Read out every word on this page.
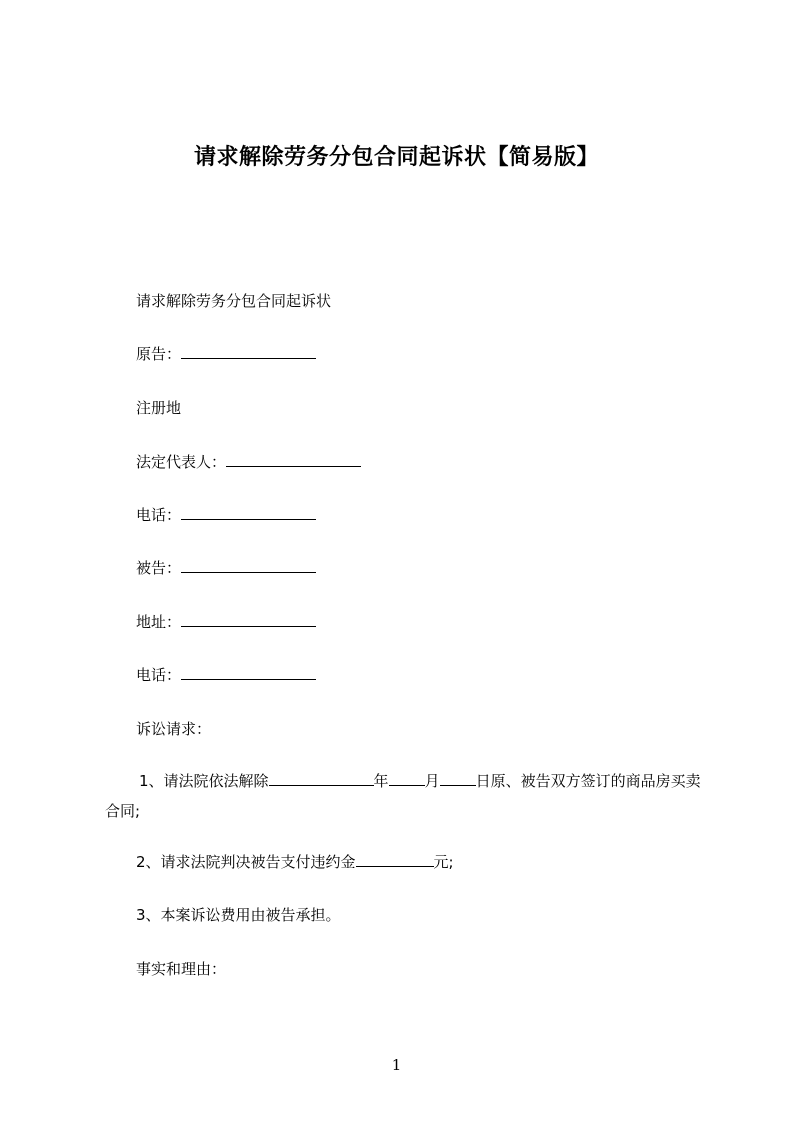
请求解除劳务分包合同起诉状【简易版】
请求解除劳务分包合同起诉状
原告：
注册地
法定代表人：
电话：
被告：
地址：
电话：
诉讼请求：
1、请法院依法解除	年 月 日原、被告双方签订的商品房买卖合同;
2、请求法院判决被告支付违约金	元;
3、本案诉讼费用由被告承担。
事实和理由：
1
